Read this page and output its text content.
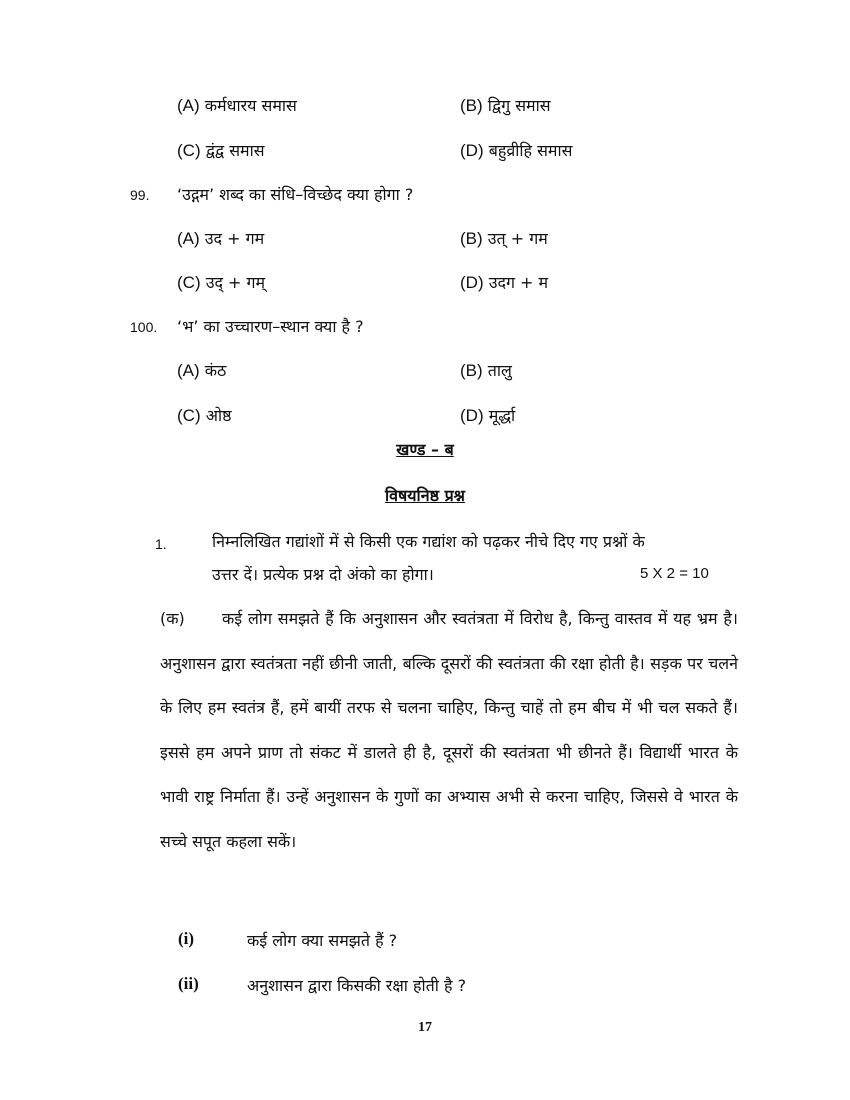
(A) कर्मधारय समास	(B) द्विगु समास
(C) द्वंद्व समास	(D) बहुव्रीहि समास
99. ‘उद्गम’ शब्द का संधि–विच्छेद क्या होगा ?
(A) उद + गम	(B) उत् + गम
(C) उद् + गम्	(D) उदग + म
100. ‘भ’ का उच्चारण–स्थान क्या है ?
(A) कंठ	(B) तालु
(C) ओष्ठ	(D) मूर्द्धा
खण्ड – ब
विषयनिष्ठ प्रश्न
1.	निम्नलिखित गद्यांशों में से किसी एक गद्यांश को पढ़कर नीचे दिए गए प्रश्नों के
उत्तर दें। प्रत्येक प्रश्न दो अंको का होगा।	5 X 2 = 10
(क) कई लोग समझते हैं कि अनुशासन और स्वतंत्रता में विरोध है, किन्तु वास्तव में यह भ्रम है। अनुशासन द्वारा स्वतंत्रता नहीं छीनी जाती, बल्कि दूसरों की स्वतंत्रता की रक्षा होती है। सड़क पर चलने के लिए हम स्वतंत्र हैं, हमें बायीं तरफ से चलना चाहिए, किन्तु चाहें तो हम बीच में भी चल सकते हैं। इससे हम अपने प्राण तो संकट में डालते ही है, दूसरों की स्वतंत्रता भी छीनते हैं। विद्यार्थी भारत के भावी राष्ट्र निर्माता हैं। उन्हें अनुशासन के गुणों का अभ्यास अभी से करना चाहिए, जिससे वे भारत के सच्चे सपूत कहला सकें।
(i)	कई लोग क्या समझते हैं ?
(ii)	अनुशासन द्वारा किसकी रक्षा होती है ?
17
